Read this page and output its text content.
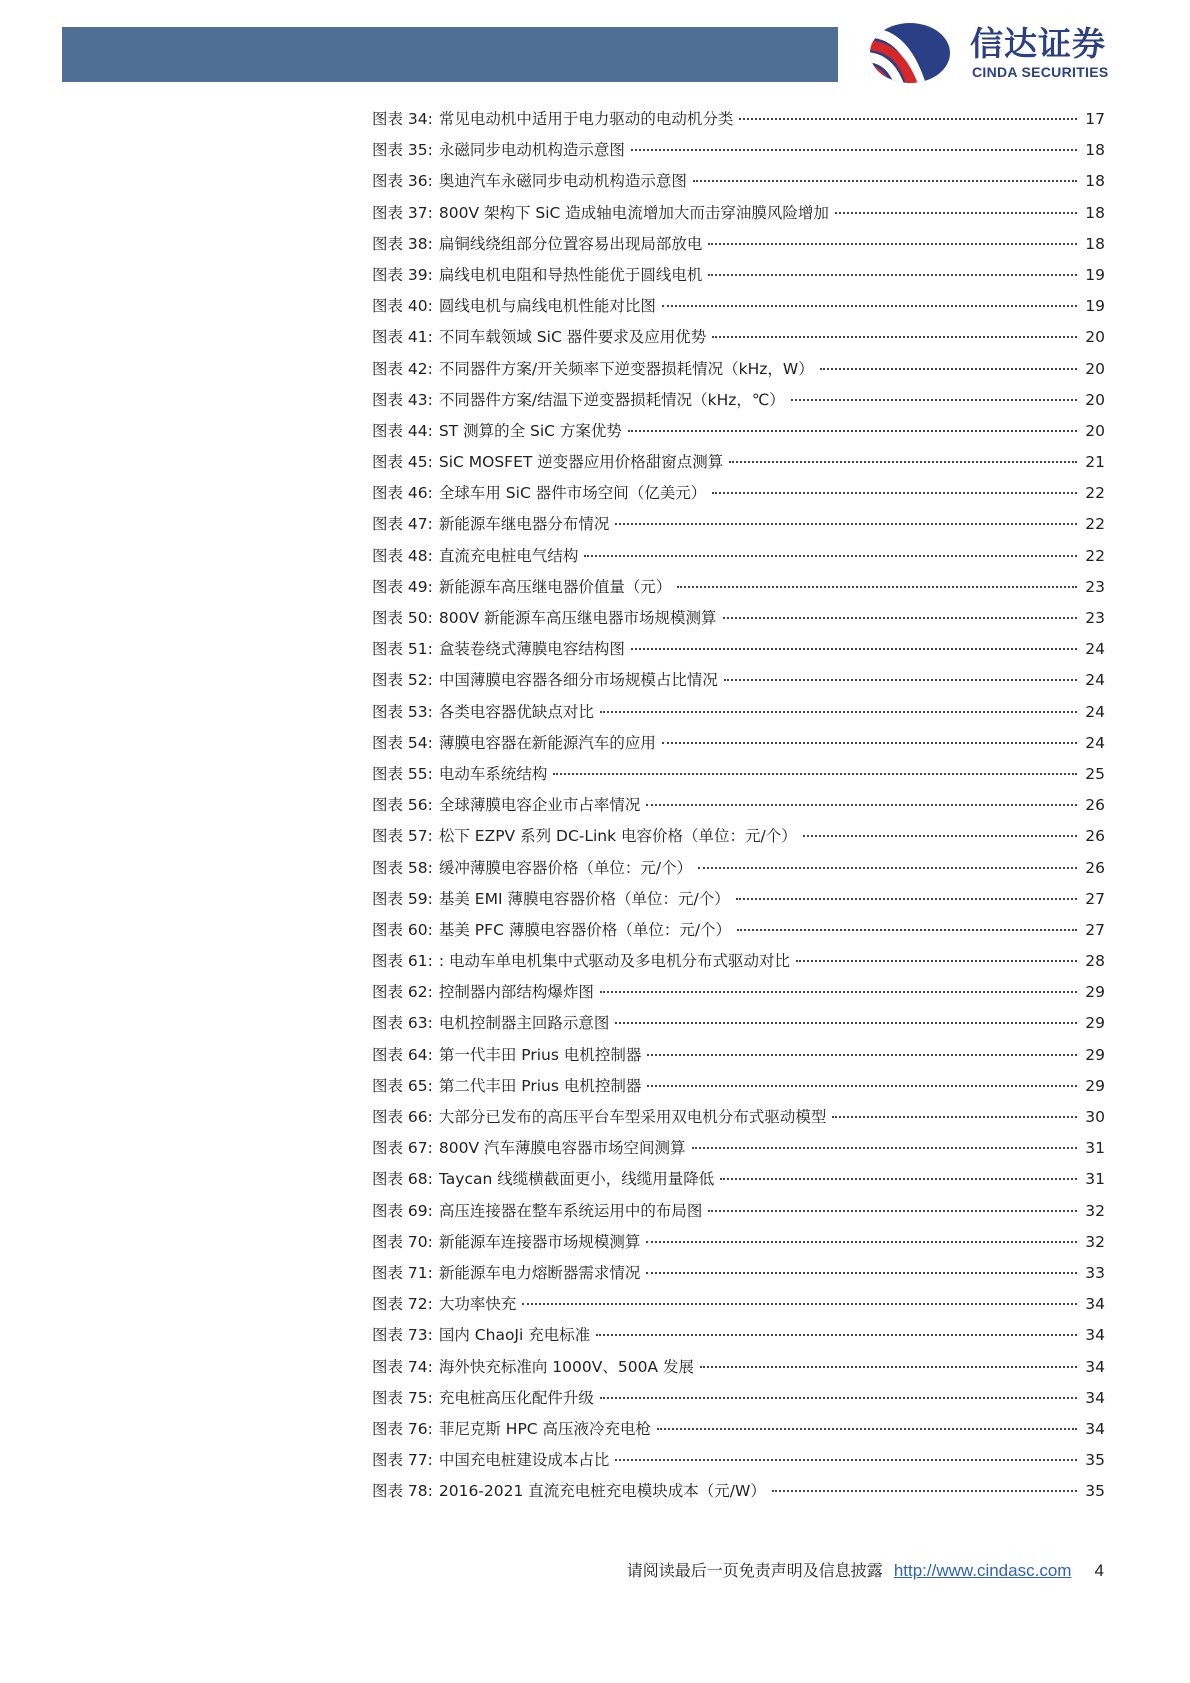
信达证券
CINDA SECURITIES
图表 34: 常见电动机中适用于电力驱动的电动机分类	17
图表 35: 永磁同步电动机构造示意图	18
图表 36: 奥迪汽车永磁同步电动机构造示意图	18
图表 37: 800V 架构下 SiC 造成轴电流增加大而击穿油膜风险增加	18
图表 38: 扁铜线绕组部分位置容易出现局部放电	18
图表 39: 扁线电机电阻和导热性能优于圆线电机	19
图表 40: 圆线电机与扁线电机性能对比图	19
图表 41: 不同车载领域 SiC 器件要求及应用优势	20
图表 42: 不同器件方案/开关频率下逆变器损耗情况（kHz，W）	20
图表 43: 不同器件方案/结温下逆变器损耗情况（kHz，℃）	20
图表 44: ST 测算的全 SiC 方案优势	20
图表 45: SiC MOSFET 逆变器应用价格甜窗点测算	21
图表 46: 全球车用 SiC 器件市场空间（亿美元）	22
图表 47: 新能源车继电器分布情况	22
图表 48: 直流充电桩电气结构	22
图表 49: 新能源车高压继电器价值量（元）	23
图表 50: 800V 新能源车高压继电器市场规模测算	23
图表 51: 盒装卷绕式薄膜电容结构图	24
图表 52: 中国薄膜电容器各细分市场规模占比情况	24
图表 53: 各类电容器优缺点对比	24
图表 54: 薄膜电容器在新能源汽车的应用	24
图表 55: 电动车系统结构	25
图表 56: 全球薄膜电容企业市占率情况	26
图表 57: 松下 EZPV 系列 DC-Link 电容价格（单位：元/个）	26
图表 58: 缓冲薄膜电容器价格（单位：元/个）	26
图表 59: 基美 EMI 薄膜电容器价格（单位：元/个）	27
图表 60: 基美 PFC 薄膜电容器价格（单位：元/个）	27
图表 61: : 电动车单电机集中式驱动及多电机分布式驱动对比	28
图表 62: 控制器内部结构爆炸图	29
图表 63: 电机控制器主回路示意图	29
图表 64: 第一代丰田 Prius 电机控制器	29
图表 65: 第二代丰田 Prius 电机控制器	29
图表 66: 大部分已发布的高压平台车型采用双电机分布式驱动模型	30
图表 67: 800V 汽车薄膜电容器市场空间测算	31
图表 68: Taycan 线缆横截面更小，线缆用量降低	31
图表 69: 高压连接器在整车系统运用中的布局图	32
图表 70: 新能源车连接器市场规模测算	32
图表 71: 新能源车电力熔断器需求情况	33
图表 72: 大功率快充	34
图表 73: 国内 ChaoJi 充电标准	34
图表 74: 海外快充标准向 1000V、500A 发展	34
图表 75: 充电桩高压化配件升级	34
图表 76: 菲尼克斯 HPC 高压液冷充电枪	34
图表 77: 中国充电桩建设成本占比	35
图表 78: 2016-2021 直流充电桩充电模块成本（元/W）	35
请阅读最后一页免责声明及信息披露 http://www.cindasc.com 4
